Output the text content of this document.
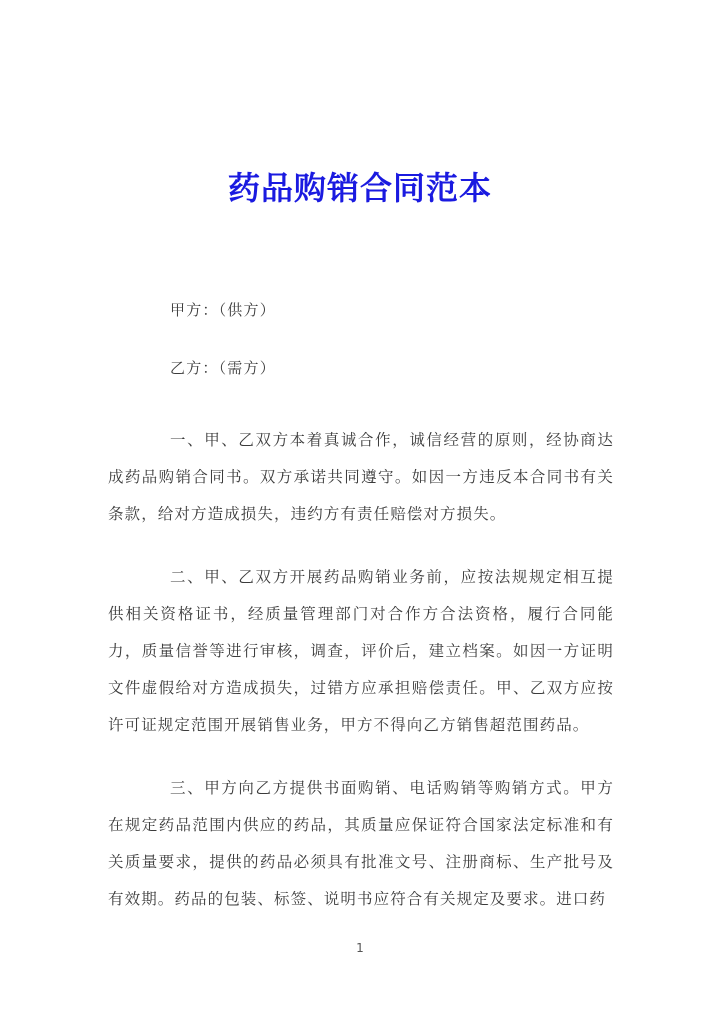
药品购销合同范本

甲方：（供方）

乙方：（需方）

一、甲、乙双方本着真诚合作，诚信经营的原则，经协商达成药品购销合同书。双方承诺共同遵守。如因一方违反本合同书有关条款，给对方造成损失，违约方有责任赔偿对方损失。

二、甲、乙双方开展药品购销业务前，应按法规规定相互提供相关资格证书，经质量管理部门对合作方合法资格，履行合同能力，质量信誉等进行审核，调查，评价后，建立档案。如因一方证明文件虚假给对方造成损失，过错方应承担赔偿责任。甲、乙双方应按许可证规定范围开展销售业务，甲方不得向乙方销售超范围药品。

三、甲方向乙方提供书面购销、电话购销等购销方式。甲方在规定药品范围内供应的药品，其质量应保证符合国家法定标准和有关质量要求，提供的药品必须具有批准文号、注册商标、生产批号及有效期。药品的包装、标签、说明书应符合有关规定及要求。进口药

1
